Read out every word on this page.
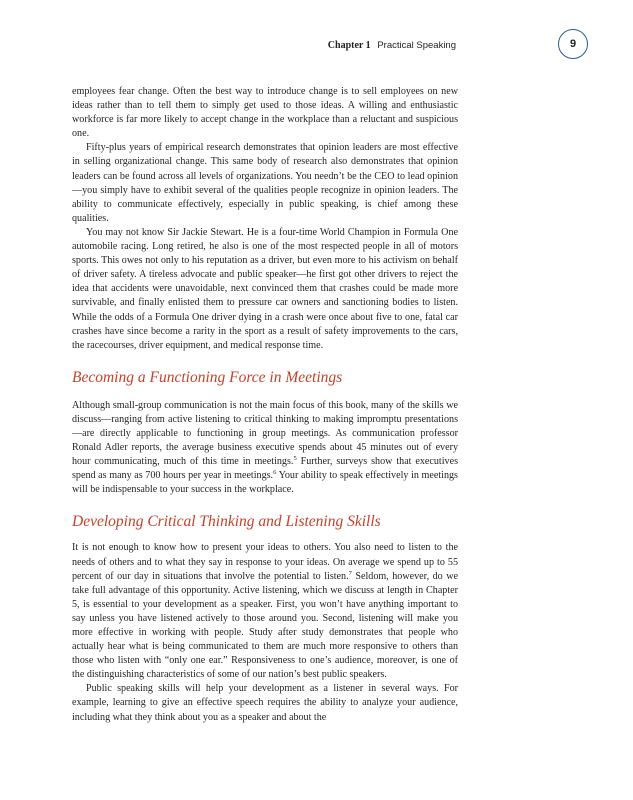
Chapter 1 Practical Speaking	9

employees fear change. Often the best way to introduce change is to sell employees on new ideas rather than to tell them to simply get used to those ideas. A willing and enthusiastic workforce is far more likely to accept change in the workplace than a reluctant and suspicious one.

Fifty-plus years of empirical research demonstrates that opinion leaders are most effective in selling organizational change. This same body of research also demonstrates that opinion leaders can be found across all levels of organizations. You needn’t be the CEO to lead opinion—you simply have to exhibit several of the qualities people recognize in opinion leaders. The ability to communicate effectively, especially in public speaking, is chief among these qualities.

You may not know Sir Jackie Stewart. He is a four-time World Champion in Formula One automobile racing. Long retired, he also is one of the most respected people in all of motors sports. This owes not only to his reputation as a driver, but even more to his activism on behalf of driver safety. A tireless advocate and public speaker—he first got other drivers to reject the idea that accidents were unavoidable, next convinced them that crashes could be made more survivable, and finally enlisted them to pressure car owners and sanctioning bodies to listen. While the odds of a Formula One driver dying in a crash were once about five to one, fatal car crashes have since become a rarity in the sport as a result of safety improvements to the cars, the racecourses, driver equipment, and medical response time.

Becoming a Functioning Force in Meetings

Although small-group communication is not the main focus of this book, many of the skills we discuss—ranging from active listening to critical thinking to making impromptu presentations—are directly applicable to functioning in group meetings. As communication professor Ronald Adler reports, the average business executive spends about 45 minutes out of every hour communicating, much of this time in meetings.$^5$ Further, surveys show that executives spend as many as 700 hours per year in meetings.$^6$ Your ability to speak effectively in meetings will be indispensable to your success in the workplace.

Developing Critical Thinking and Listening Skills

It is not enough to know how to present your ideas to others. You also need to listen to the needs of others and to what they say in response to your ideas. On average we spend up to 55 percent of our day in situations that involve the potential to listen.$^7$ Seldom, however, do we take full advantage of this opportunity. Active listening, which we discuss at length in Chapter 5, is essential to your development as a speaker. First, you won’t have anything important to say unless you have listened actively to those around you. Second, listening will make you more effective in working with people. Study after study demonstrates that people who actually hear what is being communicated to them are much more responsive to others than those who listen with “only one ear.” Responsiveness to one’s audience, moreover, is one of the distinguishing characteristics of some of our nation’s best public speakers.

Public speaking skills will help your development as a listener in several ways. For example, learning to give an effective speech requires the ability to analyze your audience, including what they think about you as a speaker and about the
